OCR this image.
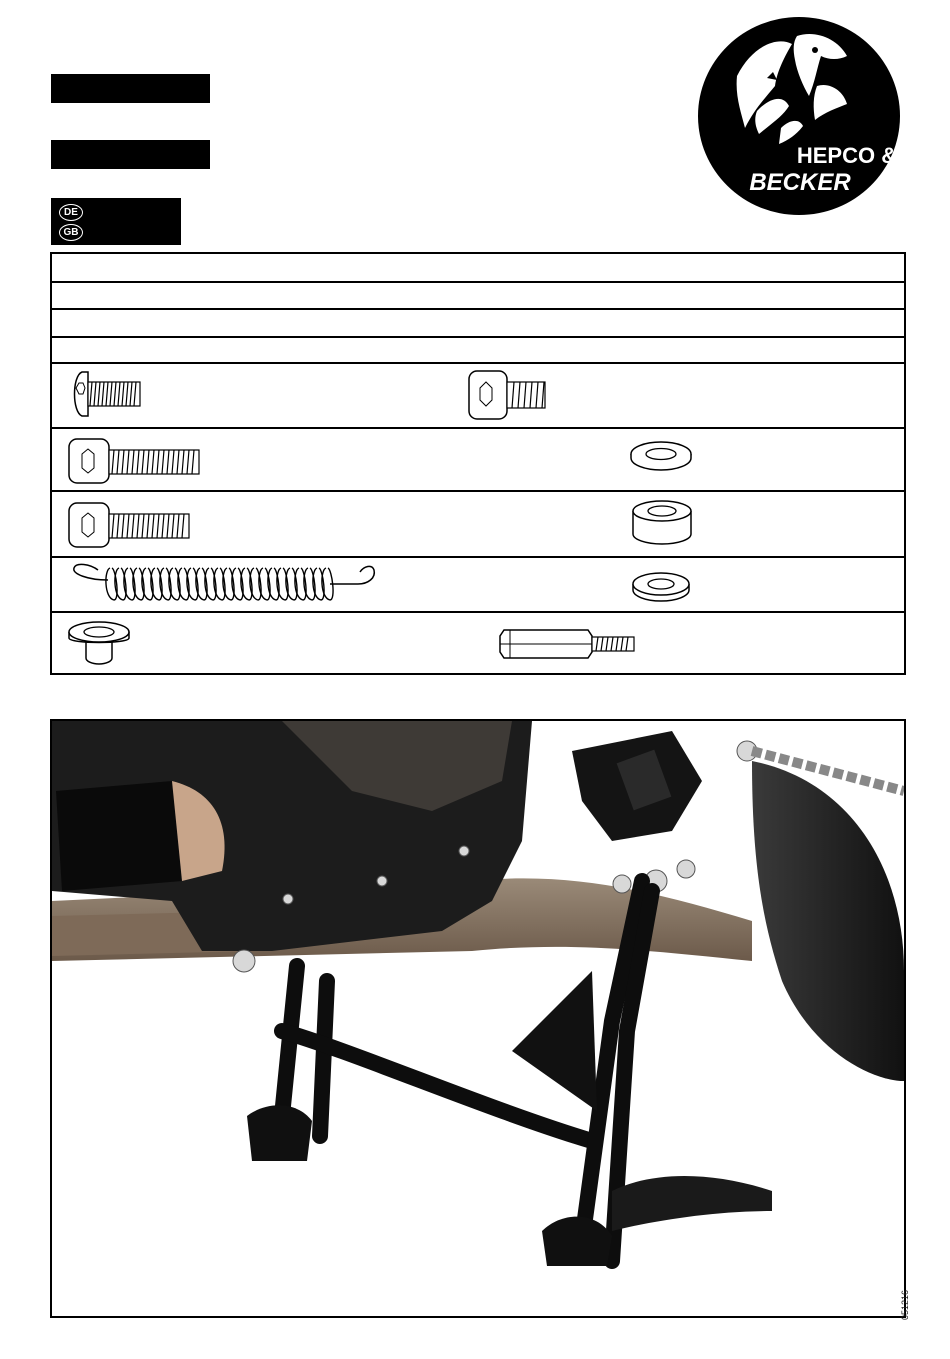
DE
GB
HEPCO &
BECKER
051216
